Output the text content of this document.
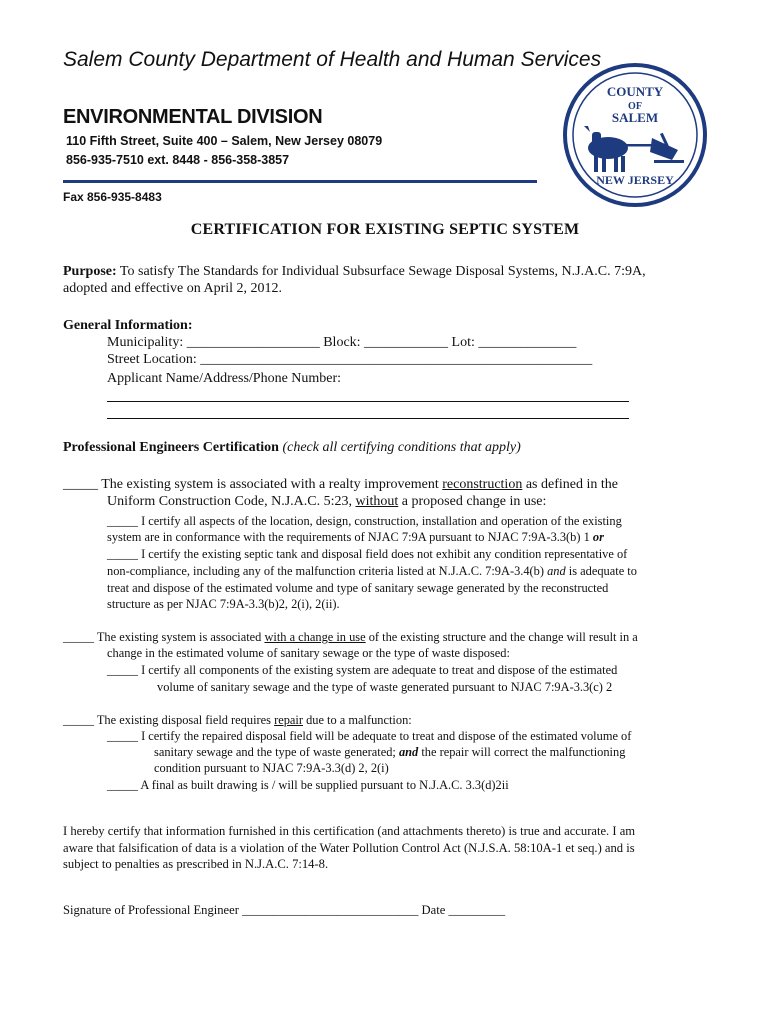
Salem County Department of Health and Human Services
ENVIRONMENTAL DIVISION
110 Fifth Street, Suite 400 – Salem, New Jersey 08079
856-935-7510 ext. 8448 - 856-358-3857
Fax 856-935-8483
COUNTY
OF
SALEM
NEW JERSEY
CERTIFICATION FOR EXISTING SEPTIC SYSTEM
Purpose: To satisfy The Standards for Individual Subsurface Sewage Disposal Systems, N.J.A.C. 7:9A,
adopted and effective on April 2, 2012.
General Information:
Municipality: ___________________ Block: ____________ Lot: ______________
Street Location: ________________________________________________________
Applicant Name/Address/Phone Number:
Professional Engineers Certification (check all certifying conditions that apply)
_____ The existing system is associated with a realty improvement reconstruction as defined in the
Uniform Construction Code, N.J.A.C. 5:23, without a proposed change in use:
_____ I certify all aspects of the location, design, construction, installation and operation of the existing
system are in conformance with the requirements of NJAC 7:9A pursuant to NJAC 7:9A-3.3(b) 1 or
_____ I certify the existing septic tank and disposal field does not exhibit any condition representative of
non-compliance, including any of the malfunction criteria listed at N.J.A.C. 7:9A-3.4(b) and is adequate to
treat and dispose of the estimated volume and type of sanitary sewage generated by the reconstructed
structure as per NJAC 7:9A-3.3(b)2, 2(i), 2(ii).
_____ The existing system is associated with a change in use of the existing structure and the change will result in a
change in the estimated volume of sanitary sewage or the type of waste disposed:
_____ I certify all components of the existing system are adequate to treat and dispose of the estimated
volume of sanitary sewage and the type of waste generated pursuant to NJAC 7:9A-3.3(c) 2
_____ The existing disposal field requires repair due to a malfunction:
_____ I certify the repaired disposal field will be adequate to treat and dispose of the estimated volume of
sanitary sewage and the type of waste generated; and the repair will correct the malfunctioning
condition pursuant to NJAC 7:9A-3.3(d) 2, 2(i)
_____ A final as built drawing is / will be supplied pursuant to N.J.A.C. 3.3(d)2ii
I hereby certify that information furnished in this certification (and attachments thereto) is true and accurate. I am
aware that falsification of data is a violation of the Water Pollution Control Act (N.J.S.A. 58:10A-1 et seq.) and is
subject to penalties as prescribed in N.J.A.C. 7:14-8.
Signature of Professional Engineer ____________________________ Date _________
